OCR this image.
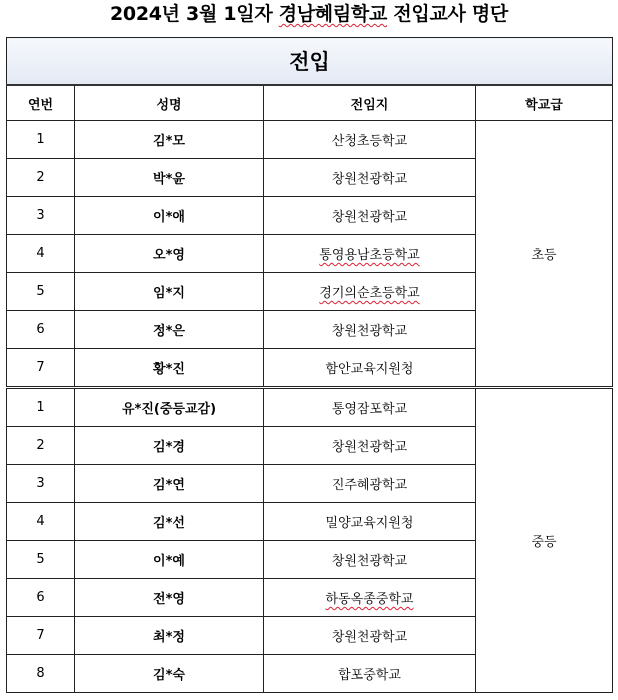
2024년 3월 1일자 경남혜림학교 전입교사 명단
전입			
연번	성명	전임지	학교급
1	김*모	산청초등학교	초등
2	박*윤	창원천광학교	
3	이*애	창원천광학교	
4	오*영	통영용남초등학교	
5	임*지	경기의순초등학교	
6	정*은	창원천광학교	
7	황*진	함안교육지원청	
1	유*진(중등교감)	통영잠포학교	중등
2	김*경	창원천광학교	
3	김*연	진주혜광학교	
4	김*선	밀양교육지원청	
5	이*예	창원천광학교	
6	전*영	하동옥종중학교	
7	최*정	창원천광학교	
8	김*숙	합포중학교	
